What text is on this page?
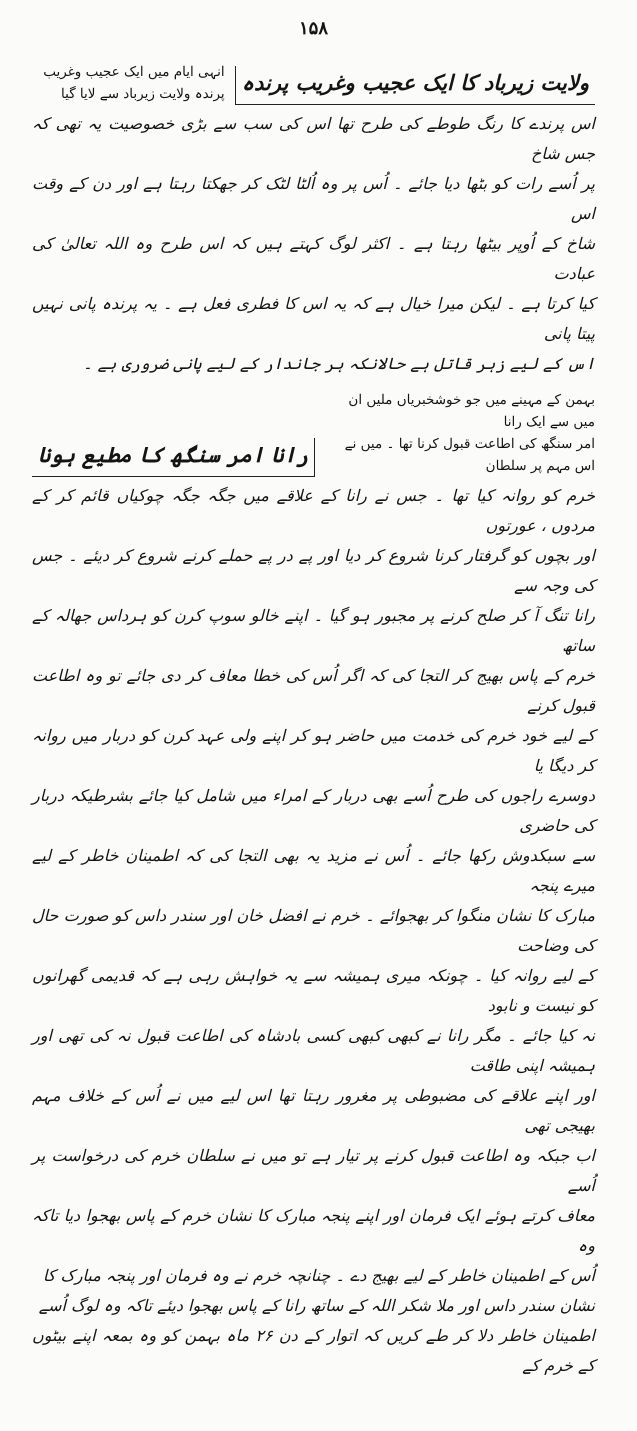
۱۵۸
ولایت زیرباد کا ایک عجیب وغریب پرندہ
انہی ایام میں ایک عجیب وغریب
پرندہ ولایت زیرباد سے لایا گیا
اس پرندے کا رنگ طوطے کی طرح تھا اس کی سب سے بڑی خصوصیت یہ تھی کہ جس شاخ
پر اُسے رات کو بٹھا دیا جائے ۔ اُس پر وہ اُلٹا لٹک کر جھکتا رہتا ہے اور دن کے وقت اس
شاخ کے اُوپر بیٹھا رہتا ہے ۔ اکثر لوگ کہتے ہیں کہ اس طرح وہ اللہ تعالیٰ کی عبادت
کیا کرتا ہے ۔ لیکن میرا خیال ہے کہ یہ اس کا فطری فعل ہے ۔ یہ پرندہ پانی نہیں پیتا پانی
اس کے لیے زہر قاتل ہے حالانکہ ہر جاندار کے لیے پانی ضروری ہے ۔
بہمن کے مہینے میں جو خوشخبریاں ملیں ان میں سے ایک رانا
امر سنگھ کی اطاعت قبول کرنا تھا ۔ میں نے اس مہم پر سلطان
رانا امر سنگھ کا مطیع ہونا
خرم کو روانہ کیا تھا ۔ جس نے رانا کے علاقے میں جگہ جگہ چوکیاں قائم کر کے مردوں ، عورتوں
اور بچوں کو گرفتار کرنا شروع کر دیا اور پے در پے حملے کرنے شروع کر دیئے ۔ جس کی وجہ سے
رانا تنگ آ کر صلح کرنے پر مجبور ہو گیا ۔ اپنے خالو سوپ کرن کو ہرداس جھالہ کے ساتھ
خرم کے پاس بھیج کر التجا کی کہ اگر اُس کی خطا معاف کر دی جائے تو وہ اطاعت قبول کرنے
کے لیے خود خرم کی خدمت میں حاضر ہو کر اپنے ولی عہد کرن کو دربار میں روانہ کر دیگا یا
دوسرے راجوں کی طرح اُسے بھی دربار کے امراء میں شامل کیا جائے بشرطیکہ دربار کی حاضری
سے سبکدوش رکھا جائے ۔ اُس نے مزید یہ بھی التجا کی کہ اطمینان خاطر کے لیے میرے پنجہ
مبارک کا نشان منگوا کر بھجوائے ۔ خرم نے افضل خان اور سندر داس کو صورت حال کی وضاحت
کے لیے روانہ کیا ۔ چونکہ میری ہمیشہ سے یہ خواہش رہی ہے کہ قدیمی گھرانوں کو نیست و نابود
نہ کیا جائے ۔ مگر رانا نے کبھی کبھی کسی بادشاہ کی اطاعت قبول نہ کی تھی اور ہمیشہ اپنی طاقت
اور اپنے علاقے کی مضبوطی پر مغرور رہتا تھا اس لیے میں نے اُس کے خلاف مہم بھیجی تھی
اب جبکہ وہ اطاعت قبول کرنے پر تیار ہے تو میں نے سلطان خرم کی درخواست پر اُسے
معاف کرتے ہوئے ایک فرمان اور اپنے پنجہ مبارک کا نشان خرم کے پاس بھجوا دیا تاکہ وہ
اُس کے اطمینان خاطر کے لیے بھیج دے ۔ چنانچہ خرم نے وہ فرمان اور پنجہ مبارک کا
نشان سندر داس اور ملا شکر اللہ کے ساتھ رانا کے پاس بھجوا دیئے تاکہ وہ لوگ اُسے
اطمینان خاطر دلا کر طے کریں کہ اتوار کے دن ۲۶ ماہ بہمن کو وہ بمعہ اپنے بیٹوں کے خرم کے
